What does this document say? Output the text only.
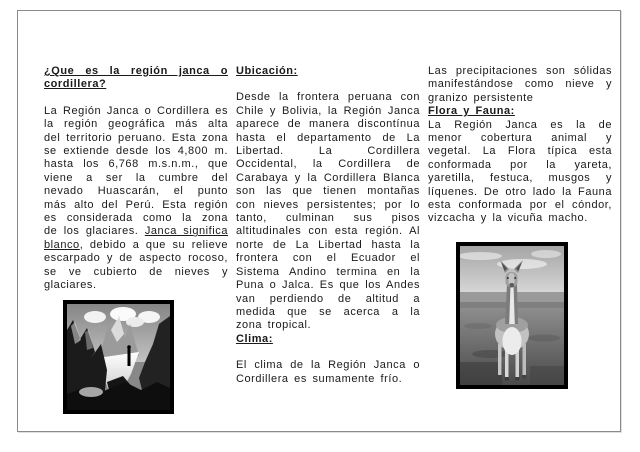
¿Que es la región janca o cordillera?

La Región Janca o Cordillera es la región geográfica más alta del territorio peruano. Esta zona se extiende desde los 4,800 m. hasta los 6,768 m.s.n.m., que viene a ser la cumbre del nevado Huascarán, el punto más alto del Perú. Esta región es considerada como la zona de los glaciares. Janca significa blanco, debido a que su relieve escarpado y de aspecto rocoso, se ve cubierto de nieves y glaciares.

Ubicación:

Desde la frontera peruana con Chile y Bolivia, la Región Janca aparece de manera discontínua hasta el departamento de La Libertad. La Cordillera Occidental, la Cordillera de Carabaya y la Cordillera Blanca son las que tienen montañas con nieves persistentes; por lo tanto, culminan sus pisos altitudinales con esta región. Al norte de La Libertad hasta la frontera con el Ecuador el Sistema Andino termina en la Puna o Jalca. Es que los Andes van perdiendo de altitud a medida que se acerca a la zona tropical.

Clima:

El clima de la Región Janca o Cordillera es sumamente frío.

Las precipitaciones son sólidas manifestándose como nieve y granizo persistente

Flora y Fauna:

La Región Janca es la de menor cobertura animal y vegetal. La Flora típica esta conformada por la yareta, yaretilla, festuca, musgos y líquenes. De otro lado la Fauna esta conformada por el cóndor, vizcacha y la vicuña macho.
